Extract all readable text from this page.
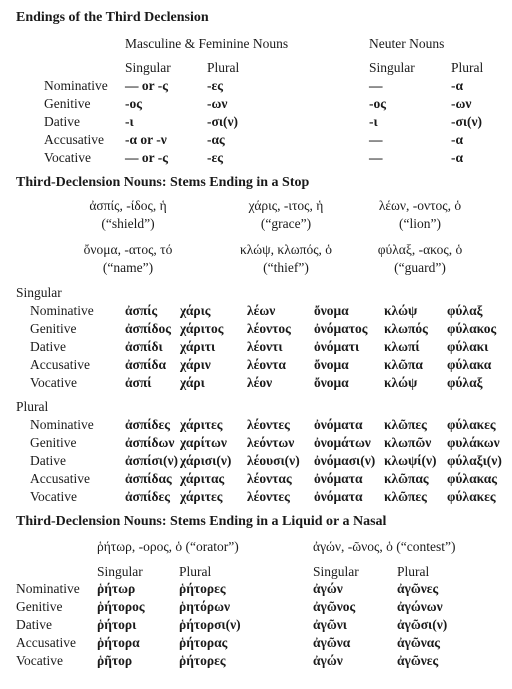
Endings of the Third Declension
Masculine & Feminine Nouns	Neuter Nouns
Singular	Plural	Singular	Plural
Nominative — or -ς	-ες	—	-α
Genitive	-ος	-ων	-ος	-ων
Dative	-ι	-σι(ν)	-ι	-σι(ν)
Accusative -α or -ν	-ας	—	-α
Vocative	— or -ς	-ες	—	-α
Third-Declension Nouns: Stems Ending in a Stop
ἀσπίς, -ίδος, ἡ
(“shield”)
χάρις, -ιτος, ἡ
(“grace”)
λέων, -οντος, ὁ
(“lion”)
ὄνομα, -ατος, τό
(“name”)
κλώψ, κλωπός, ὁ
(“thief”)
φύλαξ, -ακος, ὁ
(“guard”)
Singular
Nominative ἀσπίς χάρις	λέων	ὄνομα	κλώψ φύλαξ
Genitive	ἀσπίδος χάριτος λέοντος ὀνόματος κλωπός φύλακος
Dative	ἀσπίδι χάριτι λέοντι ὀνόματι κλωπί φύλακι
Accusative	ἀσπίδα χάριν	λέοντα ὄνομα	κλῶπα φύλακα
Vocative	ἀσπί χάρι	λέον	ὄνομα	κλώψ φύλαξ
Plural
Nominative ἀσπίδες χάριτες λέοντες ὀνόματα κλῶπες φύλακες
Genitive	ἀσπίδων χαρίτων λεόντων ὀνομάτων κλωπῶν φυλάκων
Dative	ἀσπίσι(ν) χάρισι(ν) λέουσι(ν) ὀνόμασι(ν) κλωψί(ν) φύλαξι(ν)
Accusative	ἀσπίδας χάριτας λέοντας ὀνόματα κλῶπας φύλακας
Vocative	ἀσπίδες χάριτες λέοντες ὀνόματα κλῶπες φύλακες
Third-Declension Nouns: Stems Ending in a Liquid or a Nasal
ῥήτωρ, -ορος, ὁ (“orator”)	ἀγών, -ῶνος, ὁ (“contest”)
Singular	Plural	Singular	Plural
Nominative ῥήτωρ	ῥήτορες	ἀγών	ἀγῶνες
Genitive	ῥήτορος	ῥητόρων	ἀγῶνος	ἀγώνων
Dative	ῥήτορι	ῥήτορσι(ν)	ἀγῶνι	ἀγῶσι(ν)
Accusative ῥήτορα	ῥήτορας	ἀγῶνα	ἀγῶνας
Vocative	ῥῆτορ	ῥήτορες	ἀγών	ἀγῶνες
